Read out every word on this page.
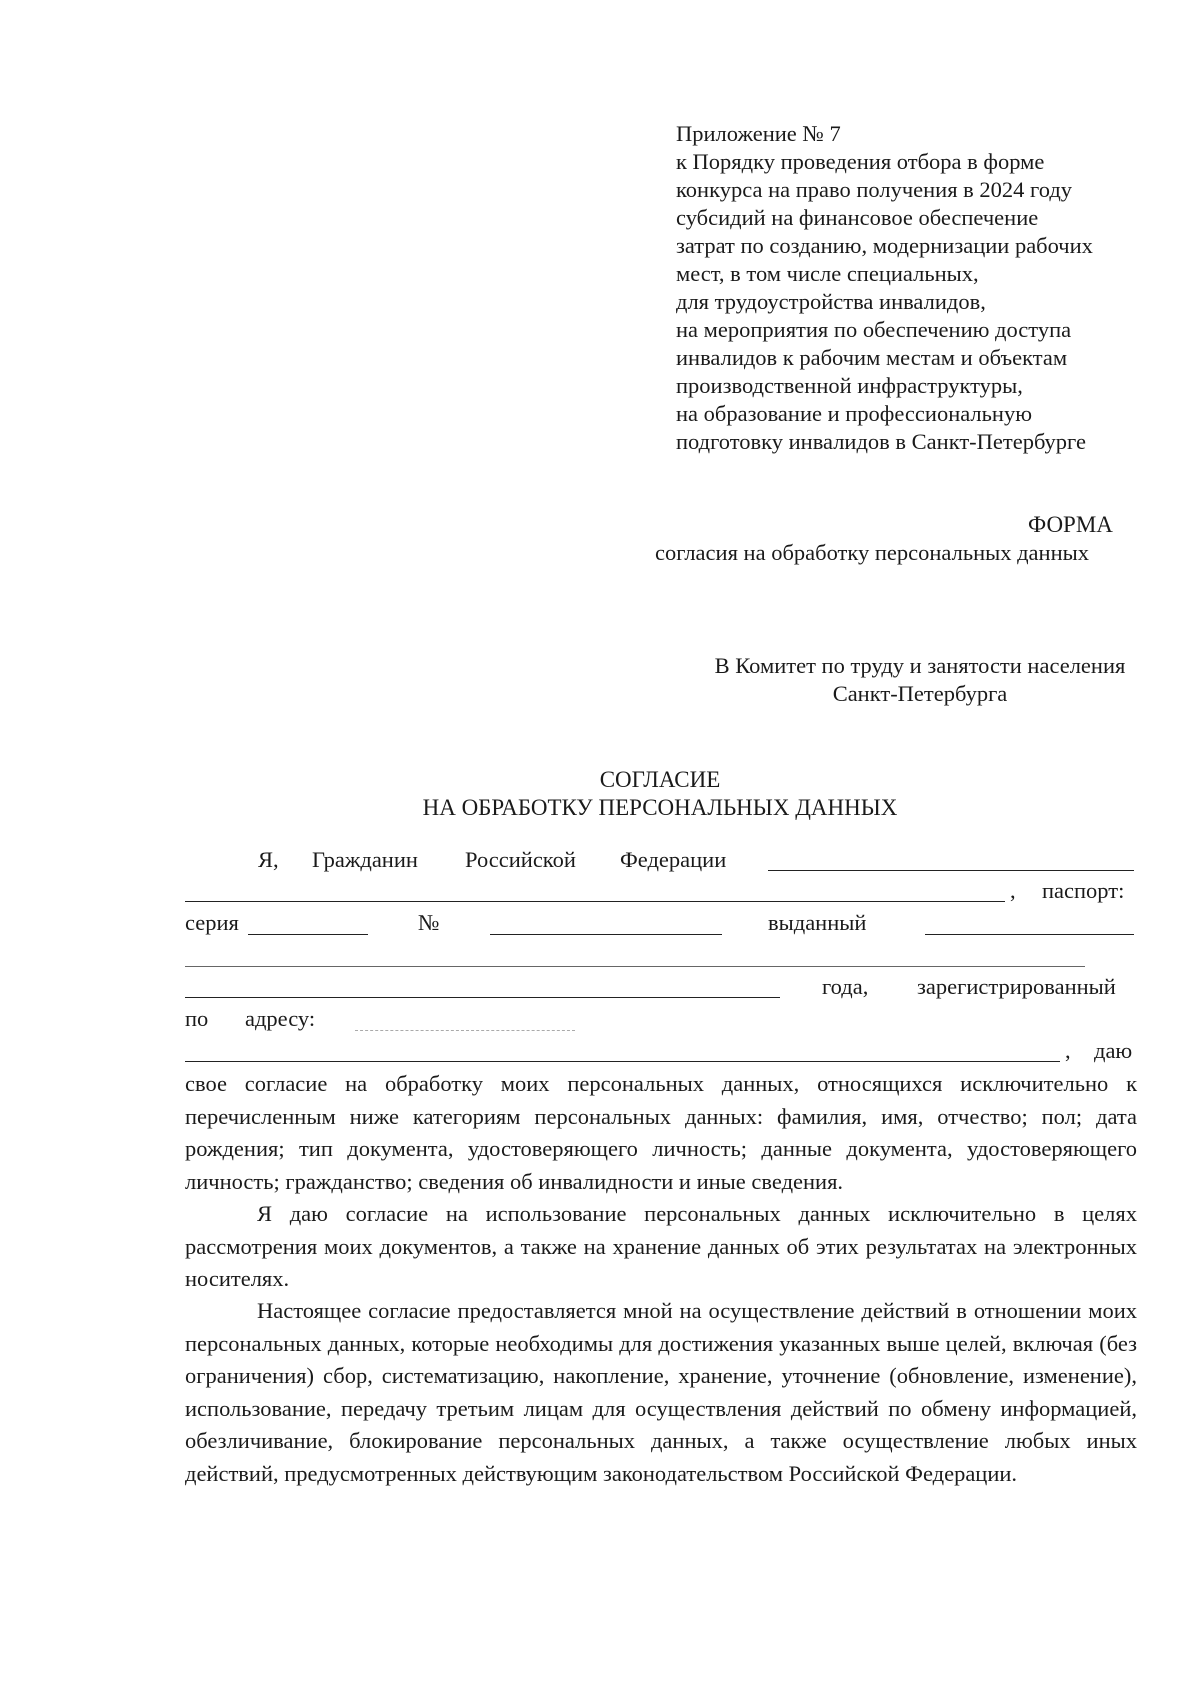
Приложение № 7
к Порядку проведения отбора в форме
конкурса на право получения в 2024 году
субсидий на финансовое обеспечение
затрат по созданию, модернизации рабочих
мест, в том числе специальных,
для трудоустройства инвалидов,
на мероприятия по обеспечению доступа
инвалидов к рабочим местам и объектам
производственной инфраструктуры,
на образование и профессиональную
подготовку инвалидов в Санкт-Петербурге
ФОРМА
согласия на обработку персональных данных
В Комитет по труду и занятости населения
Санкт-Петербурга
СОГЛАСИЕ
НА ОБРАБОТКУ ПЕРСОНАЛЬНЫХ ДАННЫХ
Я, Гражданин Российской Федерации
, паспорт:
серия	№	выданный
года, зарегистрированный
по адресу:
, даю
свое согласие на обработку моих персональных данных, относящихся исключительно к перечисленным ниже категориям персональных данных: фамилия, имя, отчество; пол; дата рождения; тип документа, удостоверяющего личность; данные документа, удостоверяющего личность; гражданство; сведения об инвалидности и иные сведения.
Я даю согласие на использование персональных данных исключительно в целях рассмотрения моих документов, а также на хранение данных об этих результатах на электронных носителях.
Настоящее согласие предоставляется мной на осуществление действий в отношении моих персональных данных, которые необходимы для достижения указанных выше целей, включая (без ограничения) сбор, систематизацию, накопление, хранение, уточнение (обновление, изменение), использование, передачу третьим лицам для осуществления действий по обмену информацией, обезличивание, блокирование персональных данных, а также осуществление любых иных действий, предусмотренных действующим законодательством Российской Федерации.
